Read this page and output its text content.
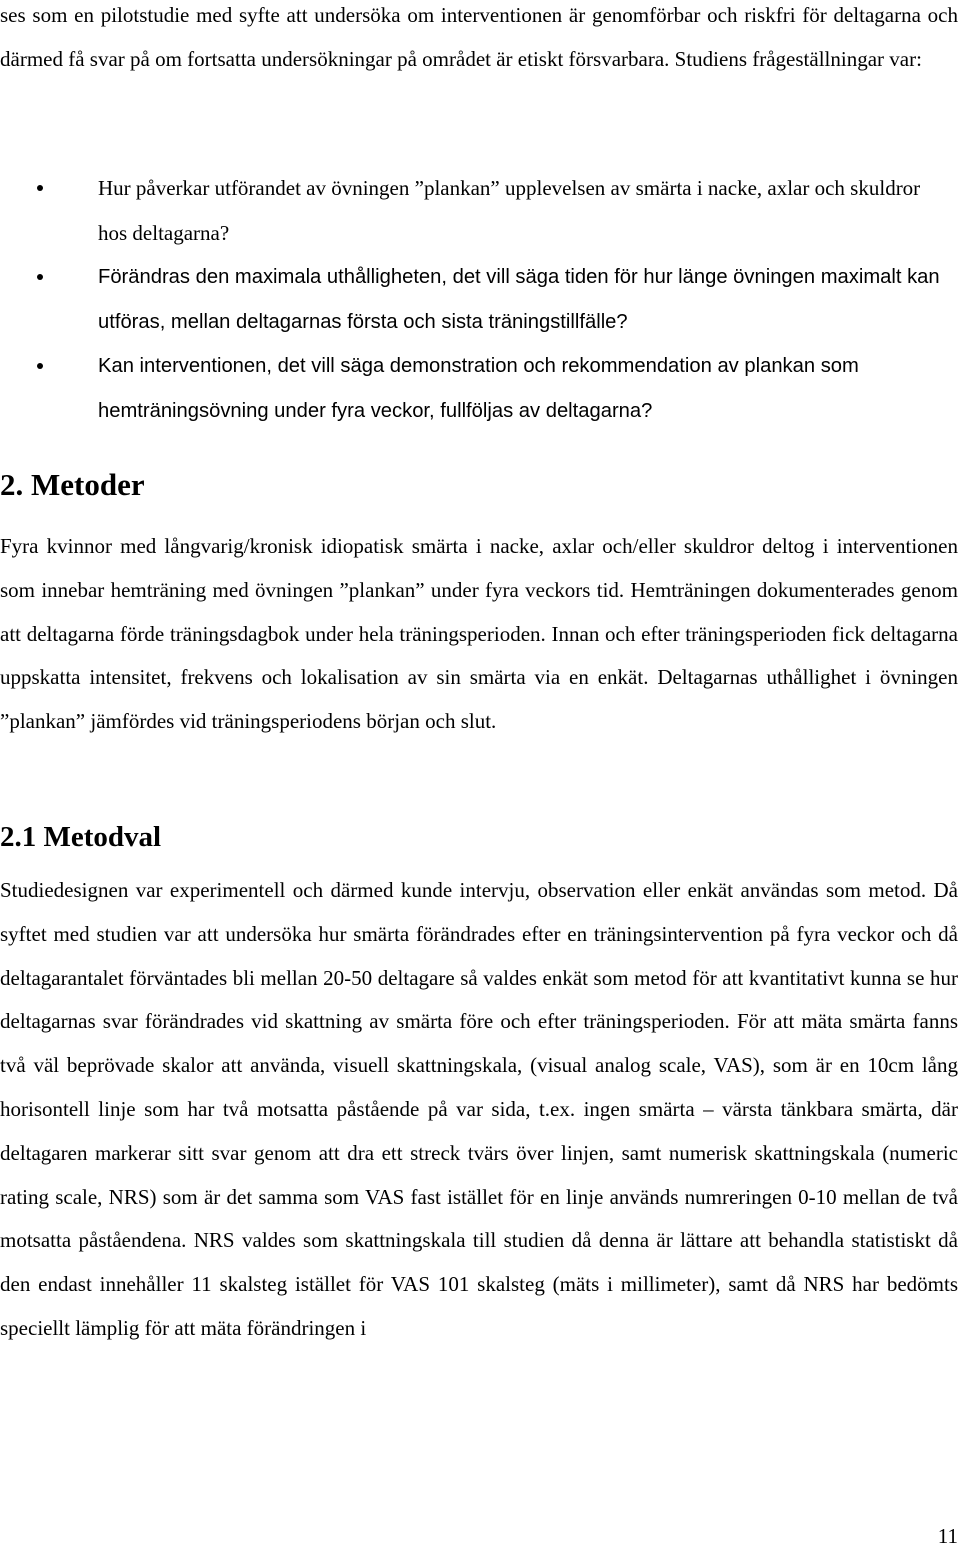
ses som en pilotstudie med syfte att undersöka om interventionen är genomförbar och riskfri för deltagarna och därmed få svar på om fortsatta undersökningar på området är etiskt försvarbara. Studiens frågeställningar var:

Hur påverkar utförandet av övningen ”plankan” upplevelsen av smärta i nacke, axlar och skuldror hos deltagarna?
Förändras den maximala uthålligheten, det vill säga tiden för hur länge övningen maximalt kan utföras, mellan deltagarnas första och sista träningstillfälle?
Kan interventionen, det vill säga demonstration och rekommendation av plankan som hemträningsövning under fyra veckor, fullföljas av deltagarna?
2. Metoder

Fyra kvinnor med långvarig/kronisk idiopatisk smärta i nacke, axlar och/eller skuldror deltog i interventionen som innebar hemträning med övningen ”plankan” under fyra veckors tid. Hemträningen dokumenterades genom att deltagarna förde träningsdagbok under hela träningsperioden. Innan och efter träningsperioden fick deltagarna uppskatta intensitet, frekvens och lokalisation av sin smärta via en enkät. Deltagarnas uthållighet i övningen ”plankan” jämfördes vid träningsperiodens början och slut.

2.1 Metodval

Studiedesignen var experimentell och därmed kunde intervju, observation eller enkät användas som metod. Då syftet med studien var att undersöka hur smärta förändrades efter en träningsintervention på fyra veckor och då deltagarantalet förväntades bli mellan 20-50 deltagare så valdes enkät som metod för att kvantitativt kunna se hur deltagarnas svar förändrades vid skattning av smärta före och efter träningsperioden. För att mäta smärta fanns två väl beprövade skalor att använda, visuell skattningskala, (visual analog scale, VAS), som är en 10cm lång horisontell linje som har två motsatta påstående på var sida, t.ex. ingen smärta – värsta tänkbara smärta, där deltagaren markerar sitt svar genom att dra ett streck tvärs över linjen, samt numerisk skattningskala (numeric rating scale, NRS) som är det samma som VAS fast istället för en linje används numreringen 0-10 mellan de två motsatta påståendena. NRS valdes som skattningskala till studien då denna är lättare att behandla statistiskt då den endast innehåller 11 skalsteg istället för VAS 101 skalsteg (mäts i millimeter), samt då NRS har bedömts speciellt lämplig för att mäta förändringen i

11
